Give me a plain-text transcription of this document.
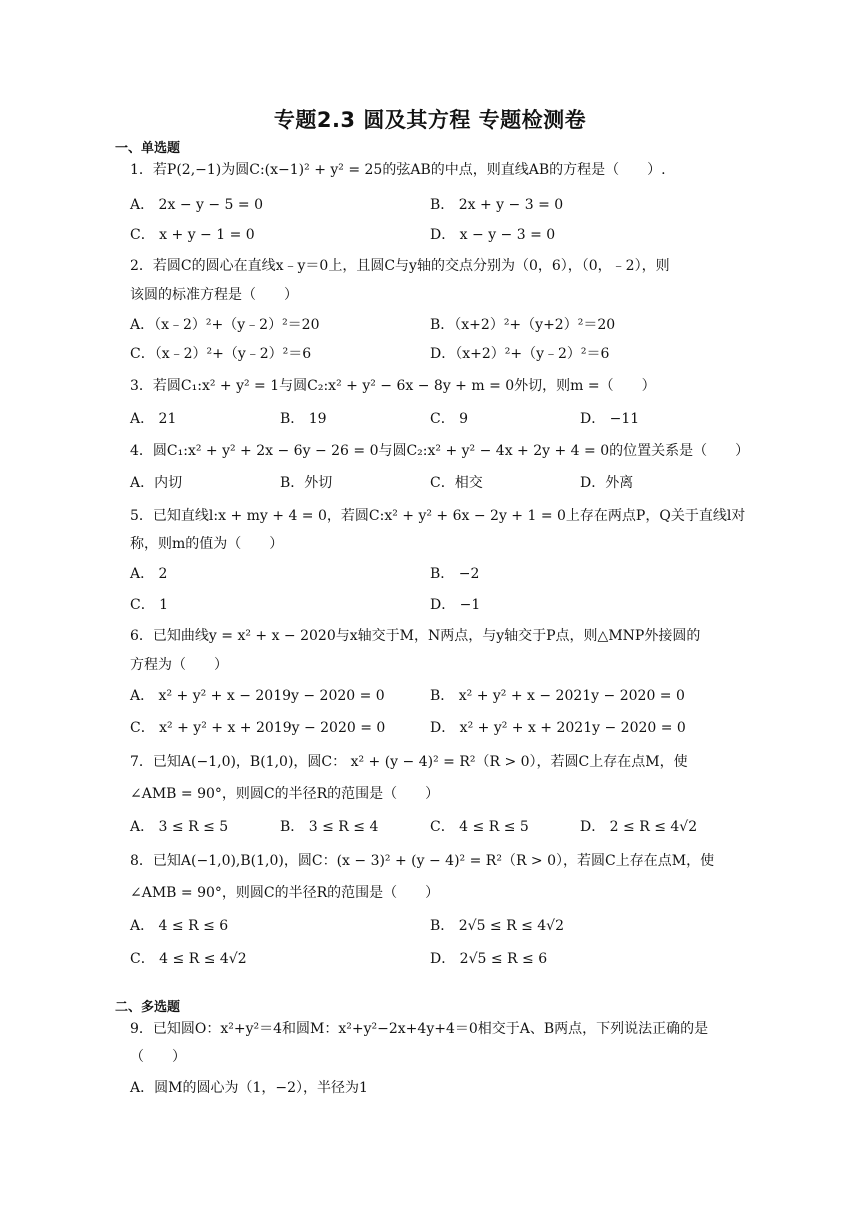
专题2.3 圆及其方程 专题检测卷
一、单选题
1．若P(2,−1)为圆C:(x−1)² + y² = 25的弦AB的中点，则直线AB的方程是（　　）.
A． 2x − y − 5 = 0	B． 2x + y − 3 = 0
C． x + y − 1 = 0	D． x − y − 3 = 0
2．若圆C的圆心在直线x﹣y＝0上，且圆C与y轴的交点分别为（0，6），（0，﹣2），则
该圆的标准方程是（　　）
A．（x﹣2）²+（y﹣2）²＝20	B．（x+2）²+（y+2）²＝20
C．（x﹣2）²+（y﹣2）²＝6	D．（x+2）²+（y﹣2）²＝6
3．若圆C₁:x² + y² = 1与圆C₂:x² + y² − 6x − 8y + m = 0外切，则m =（　　）
A． 21	B． 19	C． 9	D． −11
4．圆C₁:x² + y² + 2x − 6y − 26 = 0与圆C₂:x² + y² − 4x + 2y + 4 = 0的位置关系是（　　）
A．内切	B．外切	C．相交	D．外离
5．已知直线l:x + my + 4 = 0，若圆C:x² + y² + 6x − 2y + 1 = 0上存在两点P，Q关于直线l对
称，则m的值为（　　）
A． 2	B． −2
C． 1	D． −1
6．已知曲线y = x² + x − 2020与x轴交于M，N两点，与y轴交于P点，则△MNP外接圆的
方程为（　　）
A． x² + y² + x − 2019y − 2020 = 0	B． x² + y² + x − 2021y − 2020 = 0
C． x² + y² + x + 2019y − 2020 = 0	D． x² + y² + x + 2021y − 2020 = 0
7．已知A(−1,0)，B(1,0)，圆C： x² + (y − 4)² = R²（R > 0），若圆C上存在点M，使
∠AMB = 90°，则圆C的半径R的范围是（　　）
A． 3 ≤ R ≤ 5	B． 3 ≤ R ≤ 4	C． 4 ≤ R ≤ 5	D． 2 ≤ R ≤ 4√2
8．已知A(−1,0),B(1,0)，圆C：(x − 3)² + (y − 4)² = R²（R > 0），若圆C上存在点M，使
∠AMB = 90°，则圆C的半径R的范围是（　　）
A． 4 ≤ R ≤ 6	B． 2√5 ≤ R ≤ 4√2
C． 4 ≤ R ≤ 4√2	D． 2√5 ≤ R ≤ 6
二、多选题
9．已知圆O：x²+y²＝4和圆M：x²+y²−2x+4y+4＝0相交于A、B两点，下列说法正确的是
（　　）
A．圆M的圆心为（1，−2），半径为1
